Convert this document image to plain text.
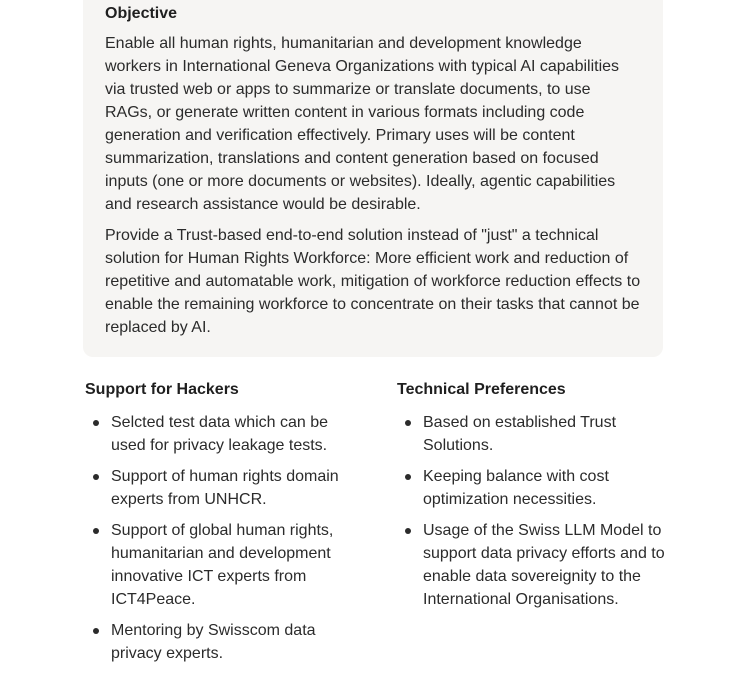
Objective

Enable all human rights, humanitarian and development knowledge workers in International Geneva Organizations with typical AI capabilities via trusted web or apps to summarize or translate documents, to use RAGs, or generate written content in various formats including code generation and verification effectively. Primary uses will be content summarization, translations and content generation based on focused inputs (one or more documents or websites). Ideally, agentic capabilities and research assistance would be desirable.

Provide a Trust-based end-to-end solution instead of "just" a technical solution for Human Rights Workforce: More efficient work and reduction of repetitive and automatable work, mitigation of workforce reduction effects to enable the remaining workforce to concentrate on their tasks that cannot be replaced by AI.

Support for Hackers
Selcted test data which can be used for privacy leakage tests.
Support of human rights domain experts from UNHCR.
Support of global human rights, humanitarian and development innovative ICT experts from ICT4Peace.
Mentoring by Swisscom data privacy experts.
Technical Preferences
Based on established Trust Solutions.
Keeping balance with cost optimization necessities.
Usage of the Swiss LLM Model to support data privacy efforts and to enable data sovereignity to the International Organisations.
